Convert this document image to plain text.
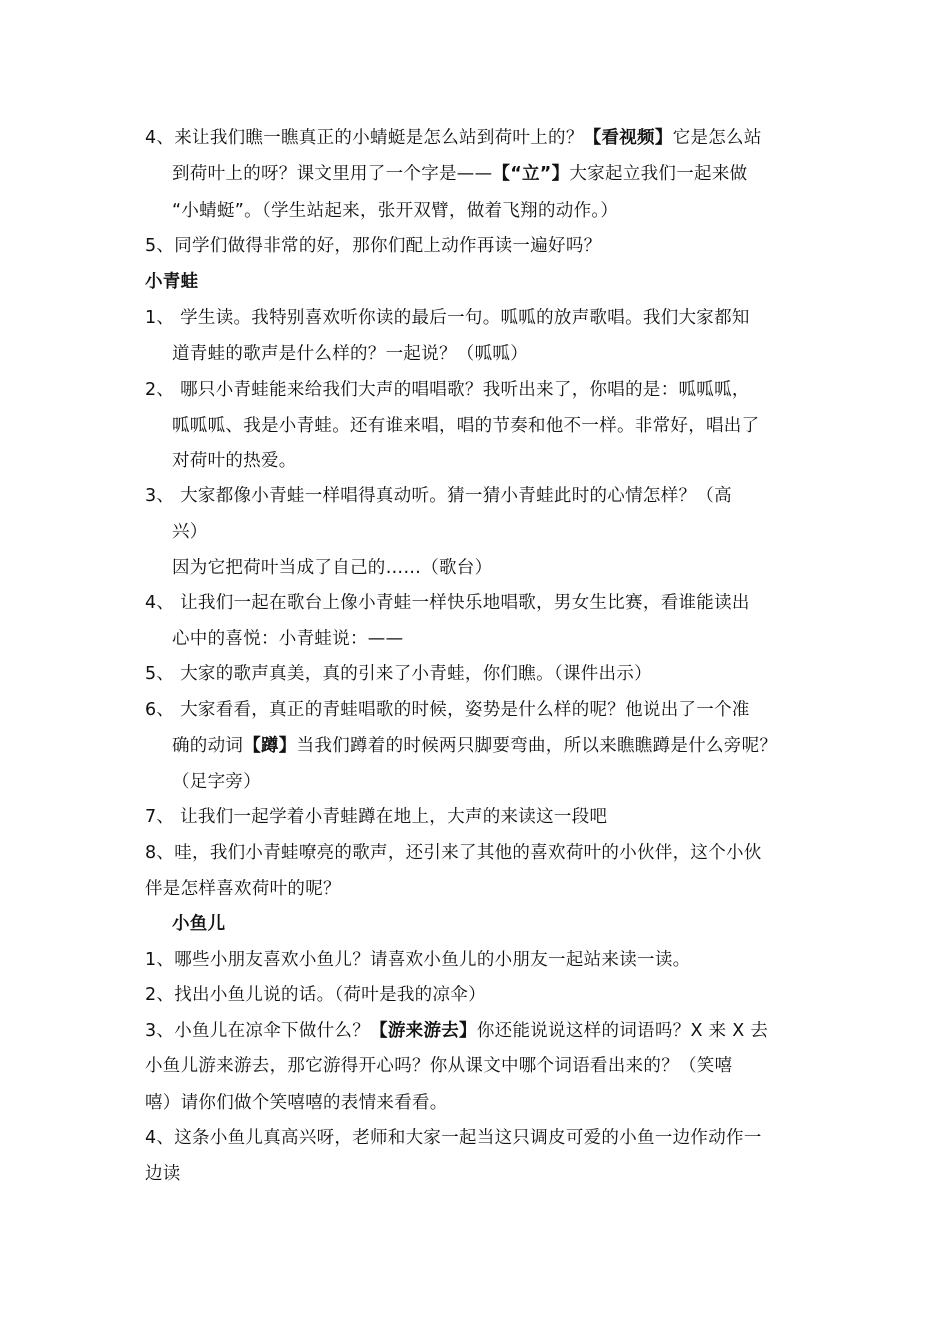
4、来让我们瞧一瞧真正的小蜻蜓是怎么站到荷叶上的？【看视频】它是怎么站
到荷叶上的呀？课文里用了一个字是——【“立”】大家起立我们一起来做
“小蜻蜓”。（学生站起来，张开双臂，做着飞翔的动作。）
5、同学们做得非常的好，那你们配上动作再读一遍好吗？
小青蛙
1、 学生读。我特别喜欢听你读的最后一句。呱呱的放声歌唱。我们大家都知
道青蛙的歌声是什么样的？一起说？（呱呱）
2、 哪只小青蛙能来给我们大声的唱唱歌？我听出来了，你唱的是：呱呱呱，
呱呱呱、我是小青蛙。还有谁来唱，唱的节奏和他不一样。非常好，唱出了
对荷叶的热爱。
3、 大家都像小青蛙一样唱得真动听。猜一猜小青蛙此时的心情怎样？（高
兴）
因为它把荷叶当成了自己的……（歌台）
4、 让我们一起在歌台上像小青蛙一样快乐地唱歌，男女生比赛，看谁能读出
心中的喜悦：小青蛙说：——
5、 大家的歌声真美，真的引来了小青蛙，你们瞧。（课件出示）
6、 大家看看，真正的青蛙唱歌的时候，姿势是什么样的呢？他说出了一个准
确的动词【蹲】当我们蹲着的时候两只脚要弯曲，所以来瞧瞧蹲是什么旁呢？
（足字旁）
7、 让我们一起学着小青蛙蹲在地上，大声的来读这一段吧
8、哇，我们小青蛙嘹亮的歌声，还引来了其他的喜欢荷叶的小伙伴，这个小伙
伴是怎样喜欢荷叶的呢？
小鱼儿
1、哪些小朋友喜欢小鱼儿？请喜欢小鱼儿的小朋友一起站来读一读。
2、找出小鱼儿说的话。（荷叶是我的凉伞）
3、小鱼儿在凉伞下做什么？【游来游去】你还能说说这样的词语吗？X 来 X 去
小鱼儿游来游去，那它游得开心吗？你从课文中哪个词语看出来的？（笑嘻
嘻）请你们做个笑嘻嘻的表情来看看。
4、这条小鱼儿真高兴呀，老师和大家一起当这只调皮可爱的小鱼一边作动作一
边读
